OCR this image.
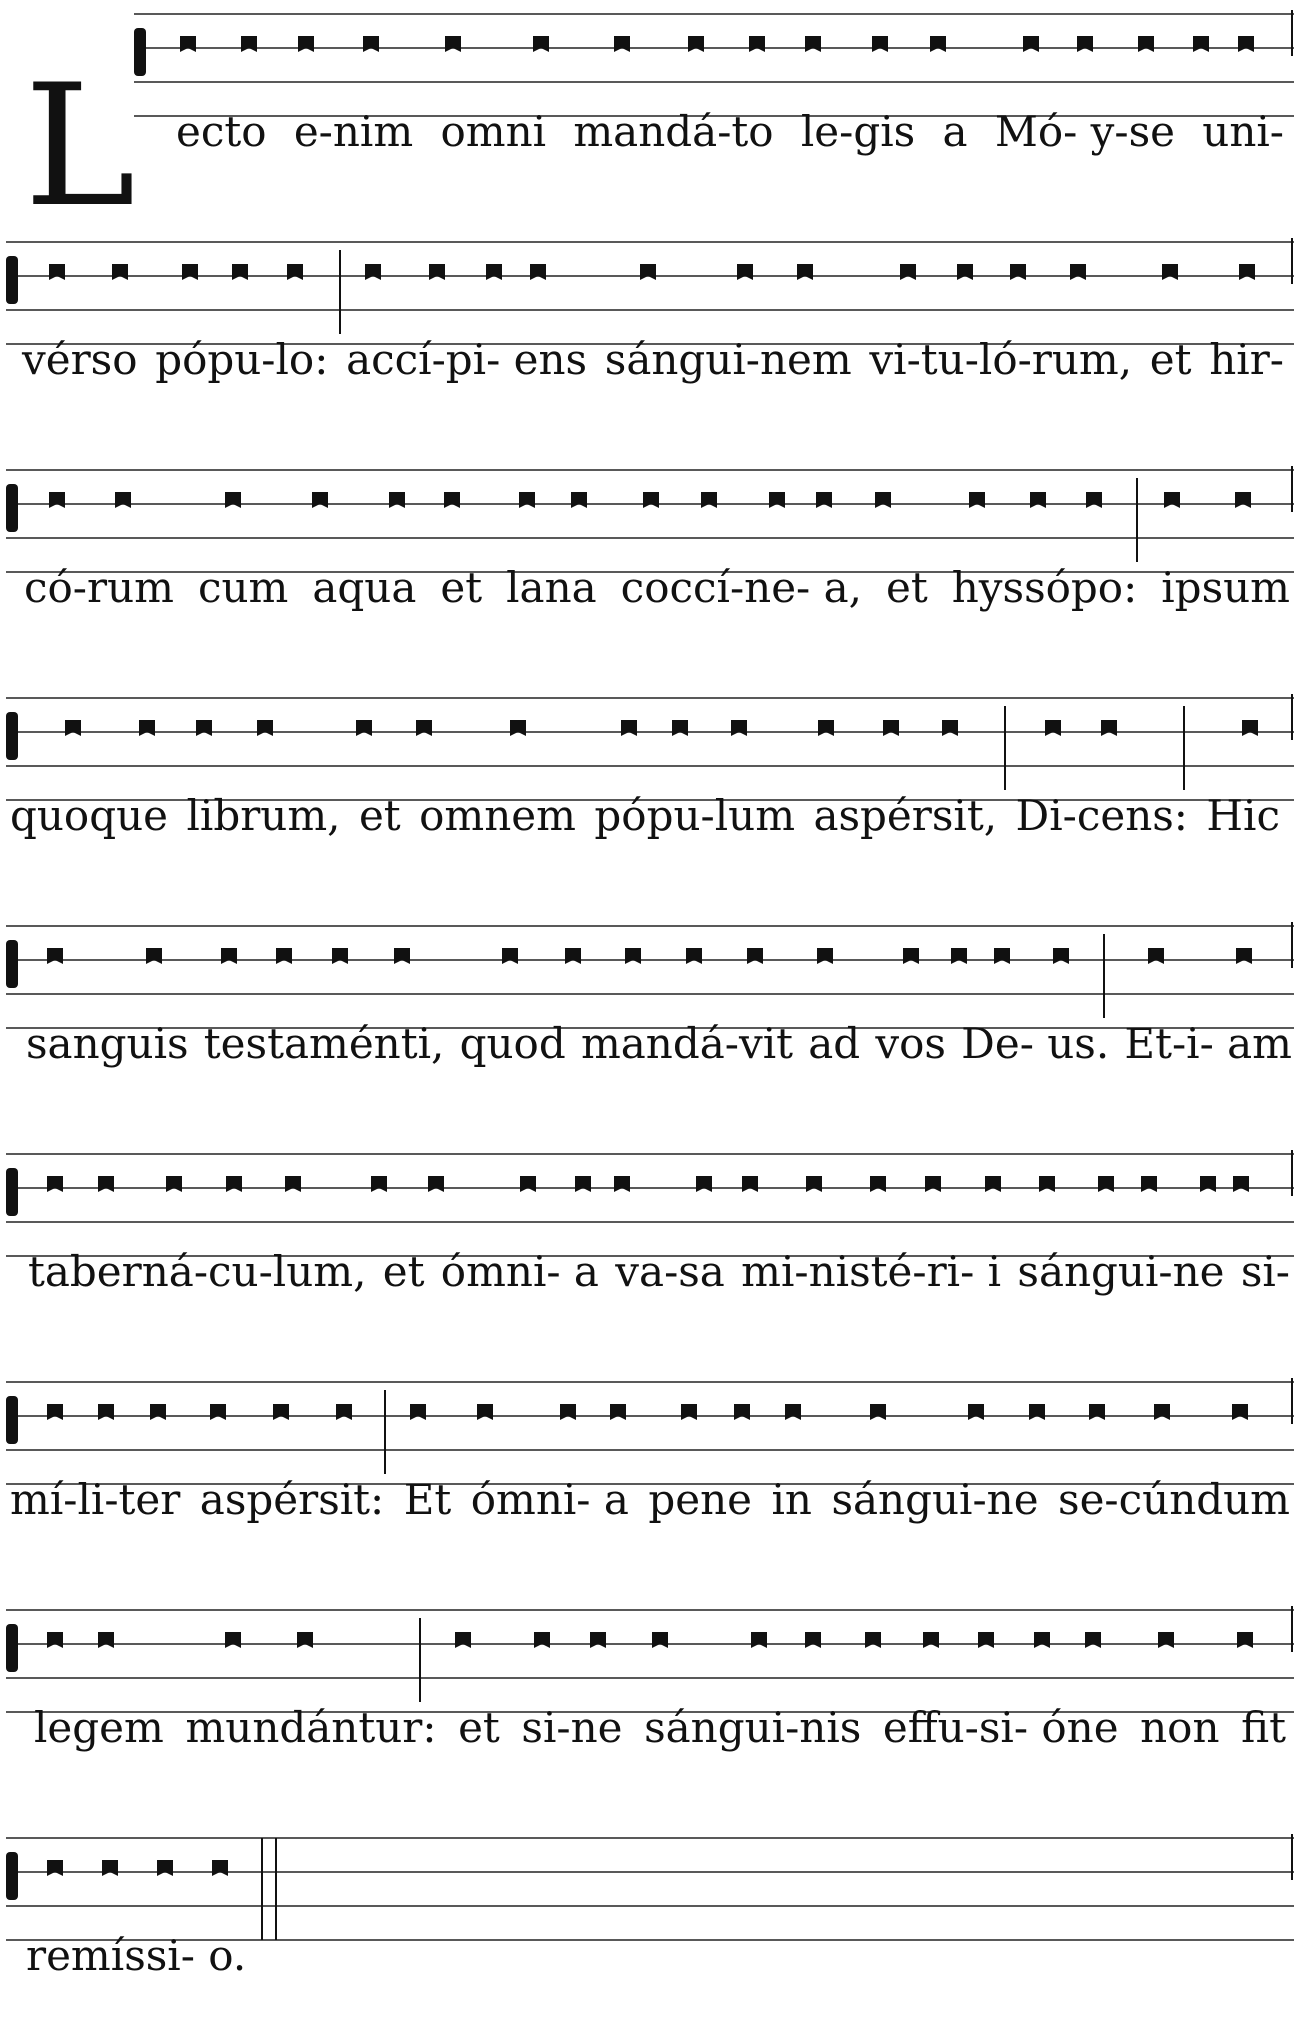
L ecto e-nim omni mandá-to le-gis a Mó- y-se uni-
vérso pópu-lo: accí-pi- ens sángui-nem vi-tu-ló-rum, et hir-
có-rum cum aqua et lana coccí-ne- a, et hyssópo: ipsum
quoque librum, et omnem pópu-lum aspérsit, Di-cens: Hic
sanguis testaménti, quod mandá-vit ad vos De- us. Et-i- am
taberná-cu-lum, et ómni- a va-sa mi-nisté-ri- i sángui-ne si-
mí-li-ter aspérsit: Et ómni- a pene in sángui-ne se-cúndum
legem mundántur: et si-ne sángui-nis effu-si- óne non fit
remíssi- o.
